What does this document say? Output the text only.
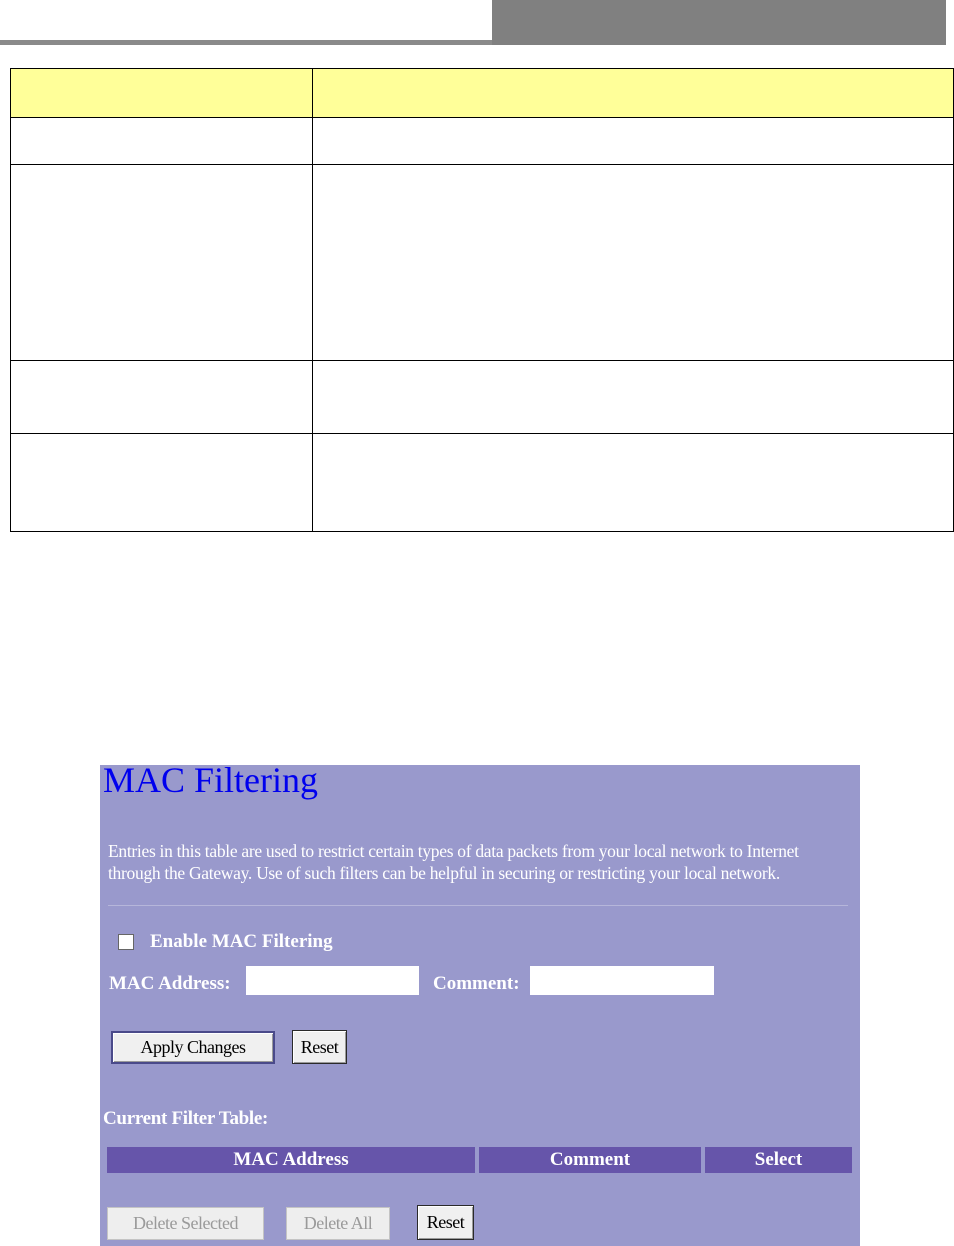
MAC Filtering

Entries in this table are used to restrict certain types of data packets from your local network to Internet through the Gateway. Use of such filters can be helpful in securing or restricting your local network.

Enable MAC Filtering
MAC Address:	Comment:
Apply Changes	Reset
Current Filter Table:
MAC Address	Comment	Select
Delete Selected	Delete All	Reset
